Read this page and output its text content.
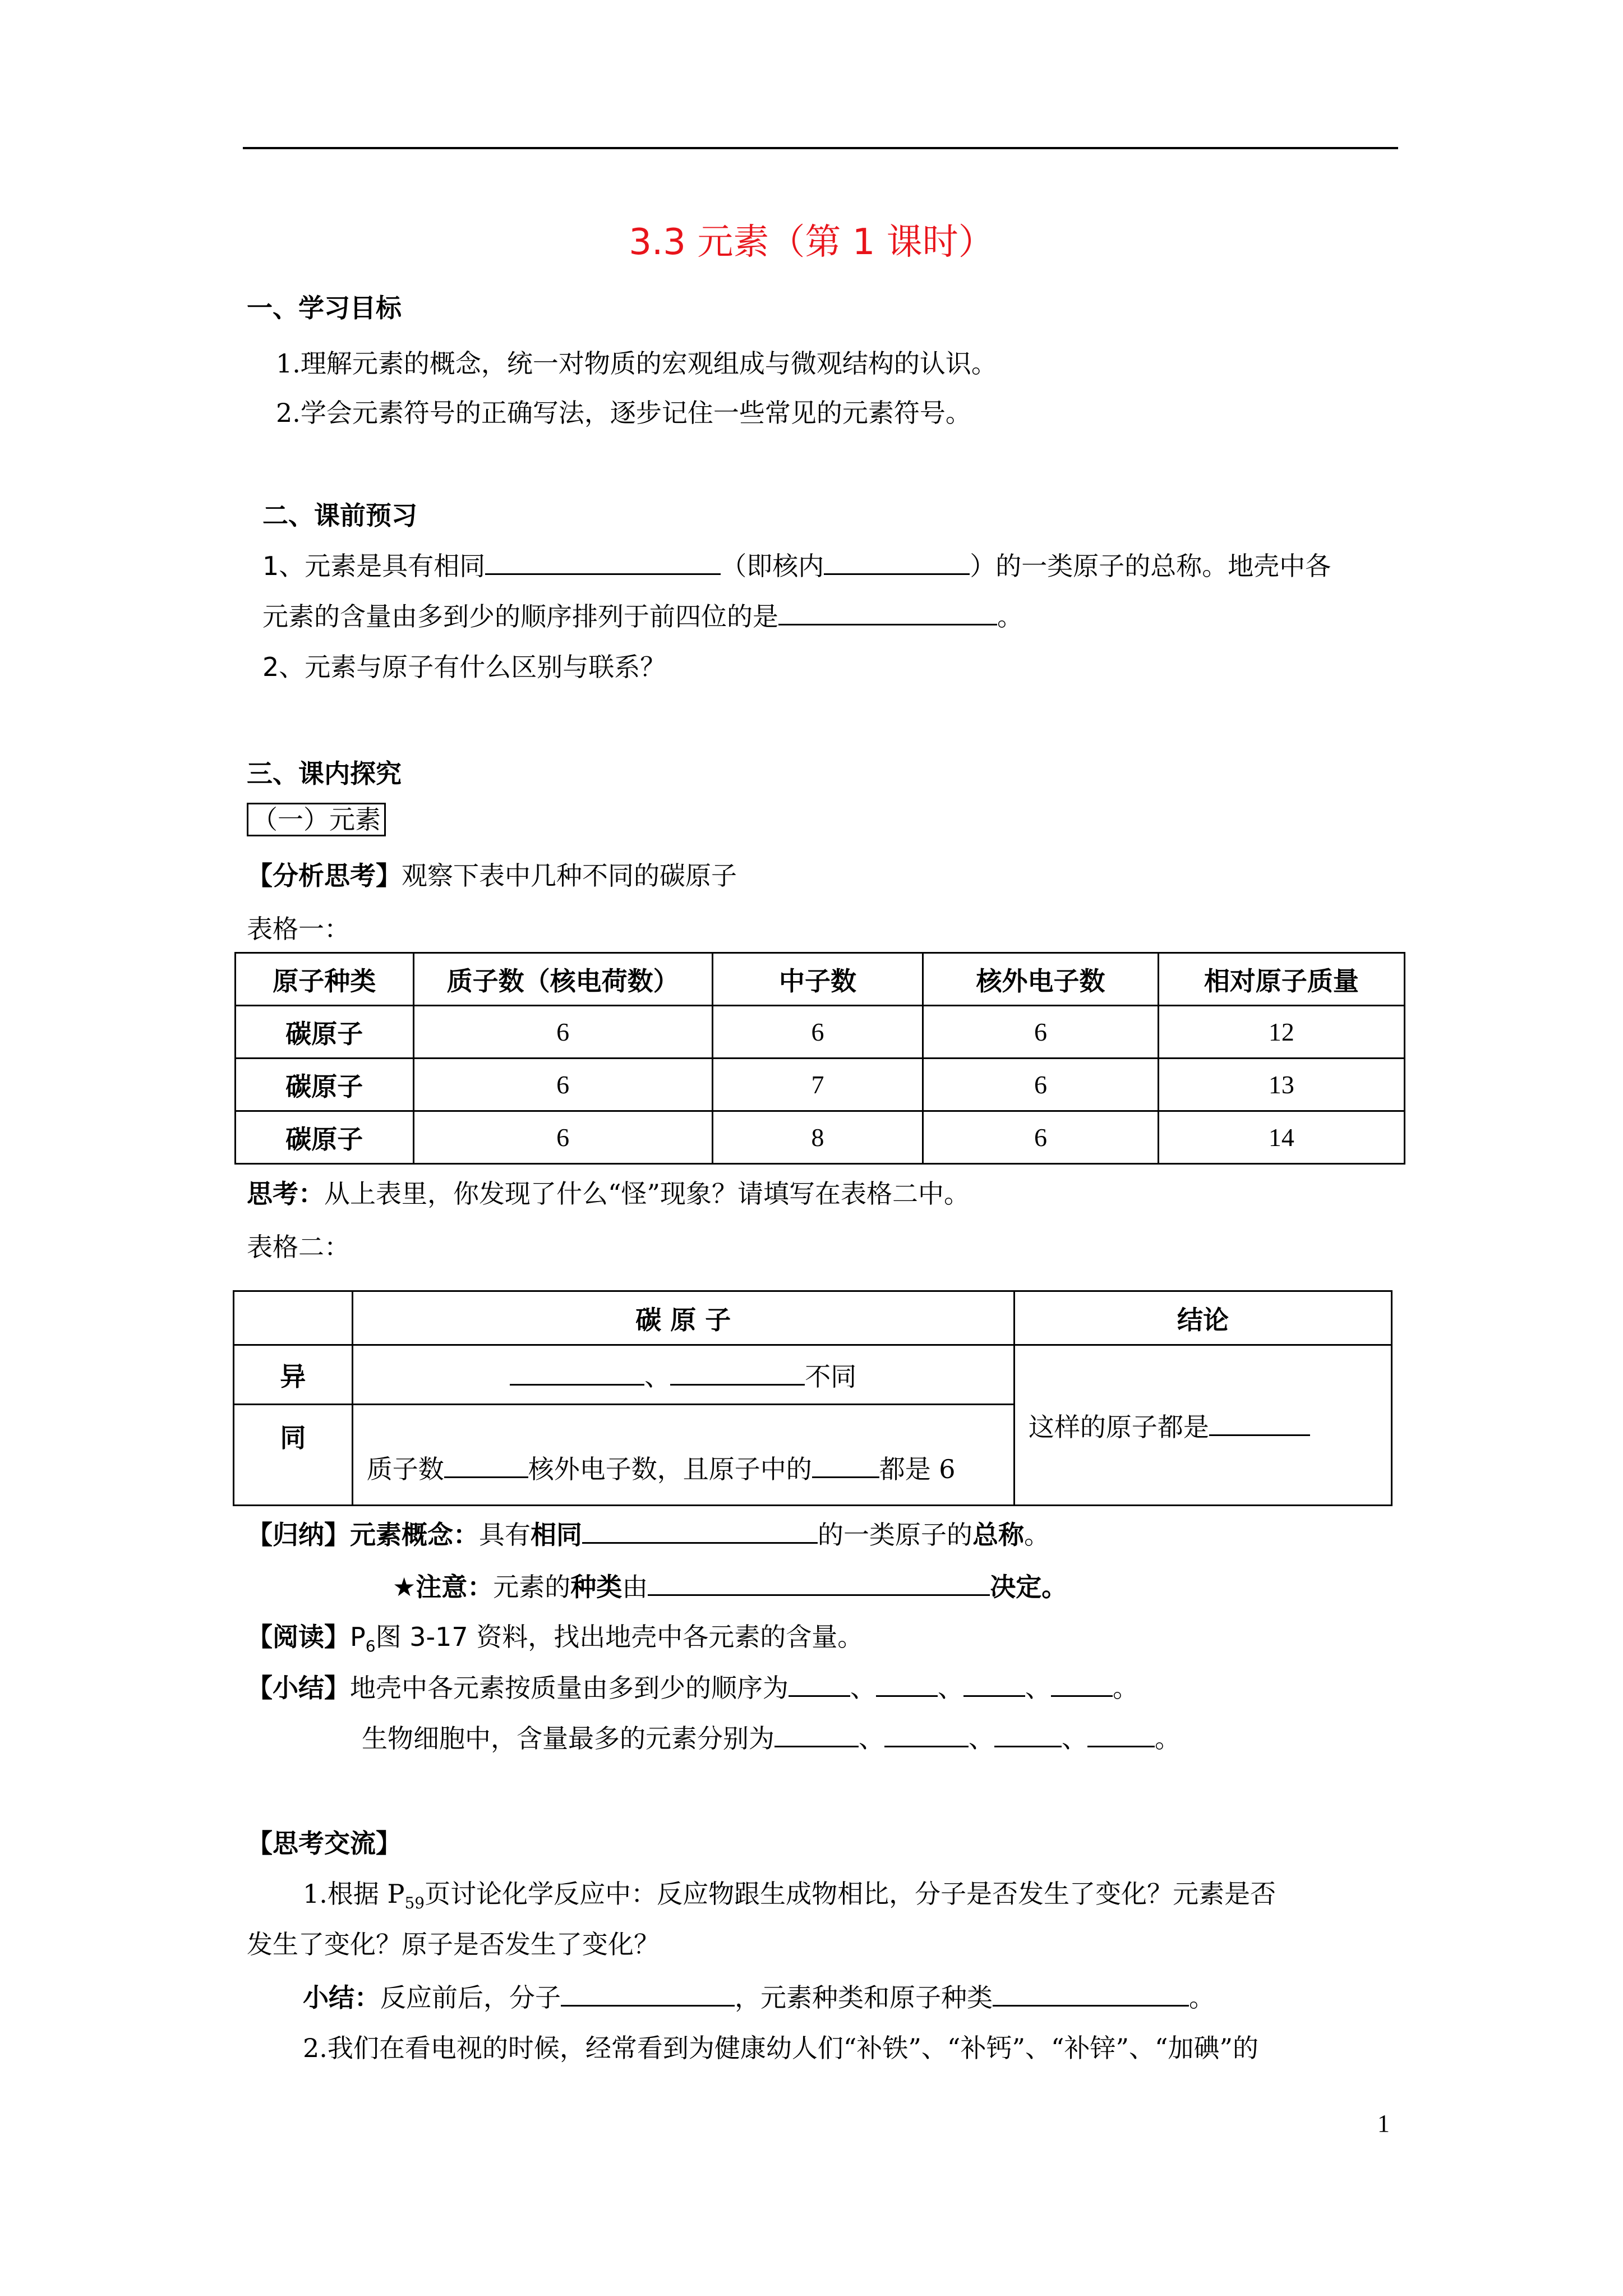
3.3 元素（第 1 课时）
一、学习目标
1.理解元素的概念，统一对物质的宏观组成与微观结构的认识。
2.学会元素符号的正确写法，逐步记住一些常见的元素符号。
二、课前预习
1、元素是具有相同	（即核内	）的一类原子的总称。地壳中各
元素的含量由多到少的顺序排列于前四位的是	。
2、元素与原子有什么区别与联系？
三、课内探究
（一）元素
【分析思考】观察下表中几种不同的碳原子
表格一：
原子种类	质子数（核电荷数）	中子数	核外电子数	相对原子质量
碳原子	6	6	6	12
碳原子	6	7	6	13
碳原子	6	8	6	14
思考：从上表里，你发现了什么“怪”现象？请填写在表格二中。
表格二：
	碳 原 子	结论
异	、 不同	这样的原子都是
同	质子数 核外电子数，且原子中的 都是 6	
【归纳】元素概念：具有相同	的一类原子的总称。
★注意：元素的种类由	决定。
【阅读】$P_6$图 3-17 资料，找出地壳中各元素的含量。
【小结】地壳中各元素按质量由多到少的顺序为 、 、 、 。
生物细胞中，含量最多的元素分别为	、	、	、	。
【思考交流】
1.根据 $P_{59}$页讨论化学反应中：反应物跟生成物相比，分子是否发生了变化？元素是否
发生了变化？原子是否发生了变化？
小结：反应前后，分子	，元素种类和原子种类	。
2.我们在看电视的时候，经常看到为健康幼人们“补铁”、“补钙”、“补锌”、“加碘”的
1
